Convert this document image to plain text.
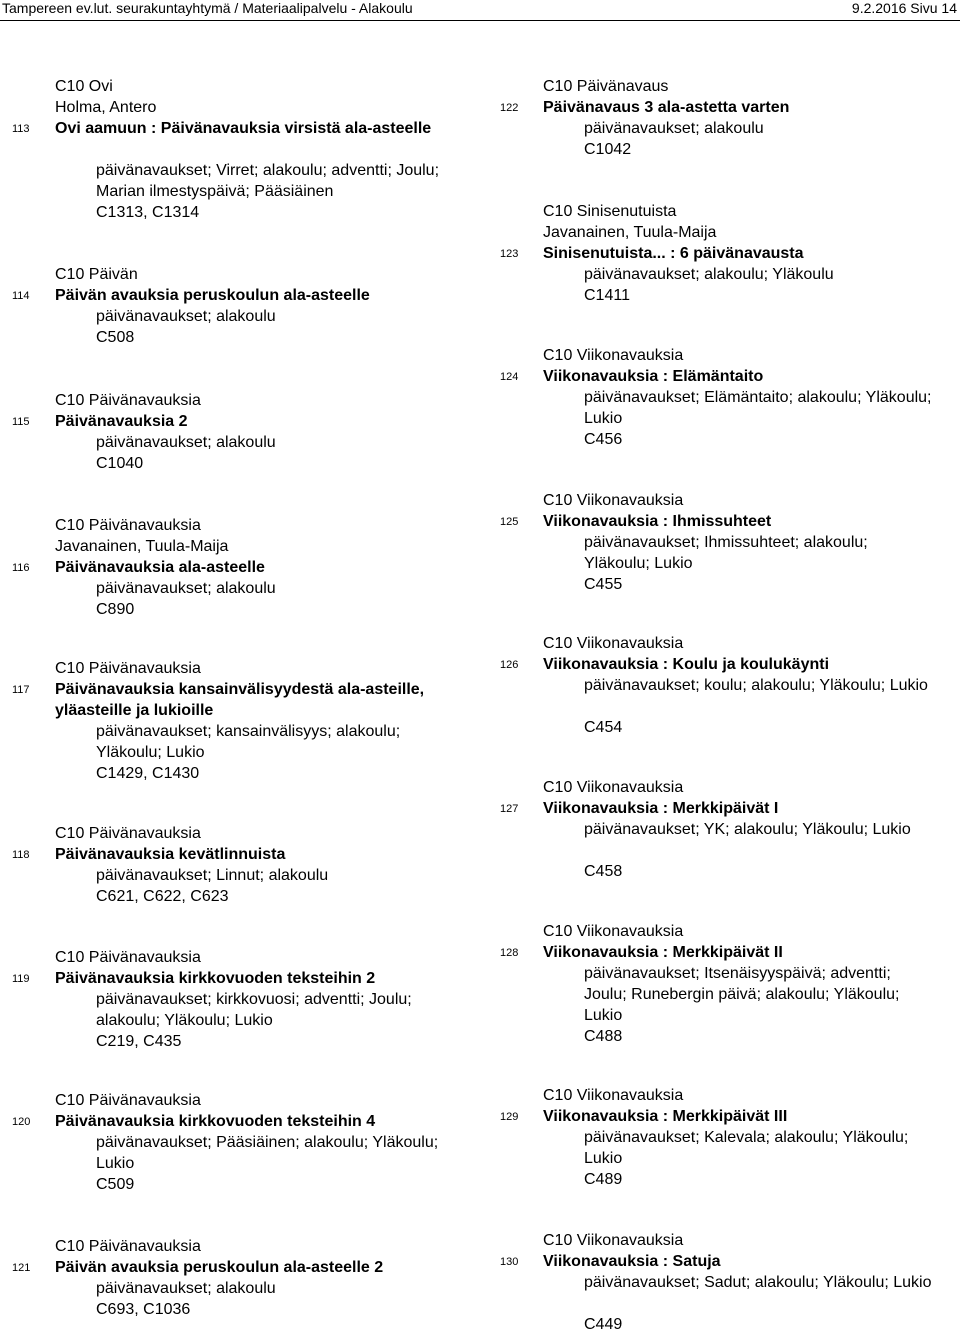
Tampereen ev.lut. seurakuntayhtymä / Materiaalipalvelu - Alakoulu	9.2.2016 Sivu 14
113
C10 Ovi
Holma, Antero
Ovi aamuun : Päivänavauksia virsistä ala-asteelle
päivänavaukset; Virret; alakoulu; adventti; Joulu; Marian ilmestyspäivä; Pääsiäinen
C1313, C1314
114
C10 Päivän
Päivän avauksia peruskoulun ala-asteelle
päivänavaukset; alakoulu
C508
115
C10 Päivänavauksia
Päivänavauksia 2
päivänavaukset; alakoulu
C1040
116
C10 Päivänavauksia
Javanainen, Tuula-Maija
Päivänavauksia ala-asteelle
päivänavaukset; alakoulu
C890
117
C10 Päivänavauksia
Päivänavauksia kansainvälisyydestä ala-asteille, yläasteille ja lukioille
päivänavaukset; kansainvälisyys; alakoulu; Yläkoulu; Lukio
C1429, C1430
118
C10 Päivänavauksia
Päivänavauksia kevätlinnuista
päivänavaukset; Linnut; alakoulu
C621, C622, C623
119
C10 Päivänavauksia
Päivänavauksia kirkkovuoden teksteihin 2
päivänavaukset; kirkkovuosi; adventti; Joulu; alakoulu; Yläkoulu; Lukio
C219, C435
120
C10 Päivänavauksia
Päivänavauksia kirkkovuoden teksteihin 4
päivänavaukset; Pääsiäinen; alakoulu; Yläkoulu; Lukio
C509
121
C10 Päivänavauksia
Päivän avauksia peruskoulun ala-asteelle 2
päivänavaukset; alakoulu
C693, C1036
122
C10 Päivänavaus
Päivänavaus 3 ala-astetta varten
päivänavaukset; alakoulu
C1042
123
C10 Sinisenutuista
Javanainen, Tuula-Maija
Sinisenutuista... : 6 päivänavausta
päivänavaukset; alakoulu; Yläkoulu
C1411
124
C10 Viikonavauksia
Viikonavauksia : Elämäntaito
päivänavaukset; Elämäntaito; alakoulu; Yläkoulu; Lukio
C456
125
C10 Viikonavauksia
Viikonavauksia : Ihmissuhteet
päivänavaukset; Ihmissuhteet; alakoulu; Yläkoulu; Lukio
C455
126
C10 Viikonavauksia
Viikonavauksia : Koulu ja koulukäynti
päivänavaukset; koulu; alakoulu; Yläkoulu; Lukio
C454
127
C10 Viikonavauksia
Viikonavauksia : Merkkipäivät I
päivänavaukset; YK; alakoulu; Yläkoulu; Lukio
C458
128
C10 Viikonavauksia
Viikonavauksia : Merkkipäivät II
päivänavaukset; Itsenäisyyspäivä; adventti; Joulu; Runebergin päivä; alakoulu; Yläkoulu; Lukio
C488
129
C10 Viikonavauksia
Viikonavauksia : Merkkipäivät III
päivänavaukset; Kalevala; alakoulu; Yläkoulu; Lukio
C489
130
C10 Viikonavauksia
Viikonavauksia : Satuja
päivänavaukset; Sadut; alakoulu; Yläkoulu; Lukio
C449
